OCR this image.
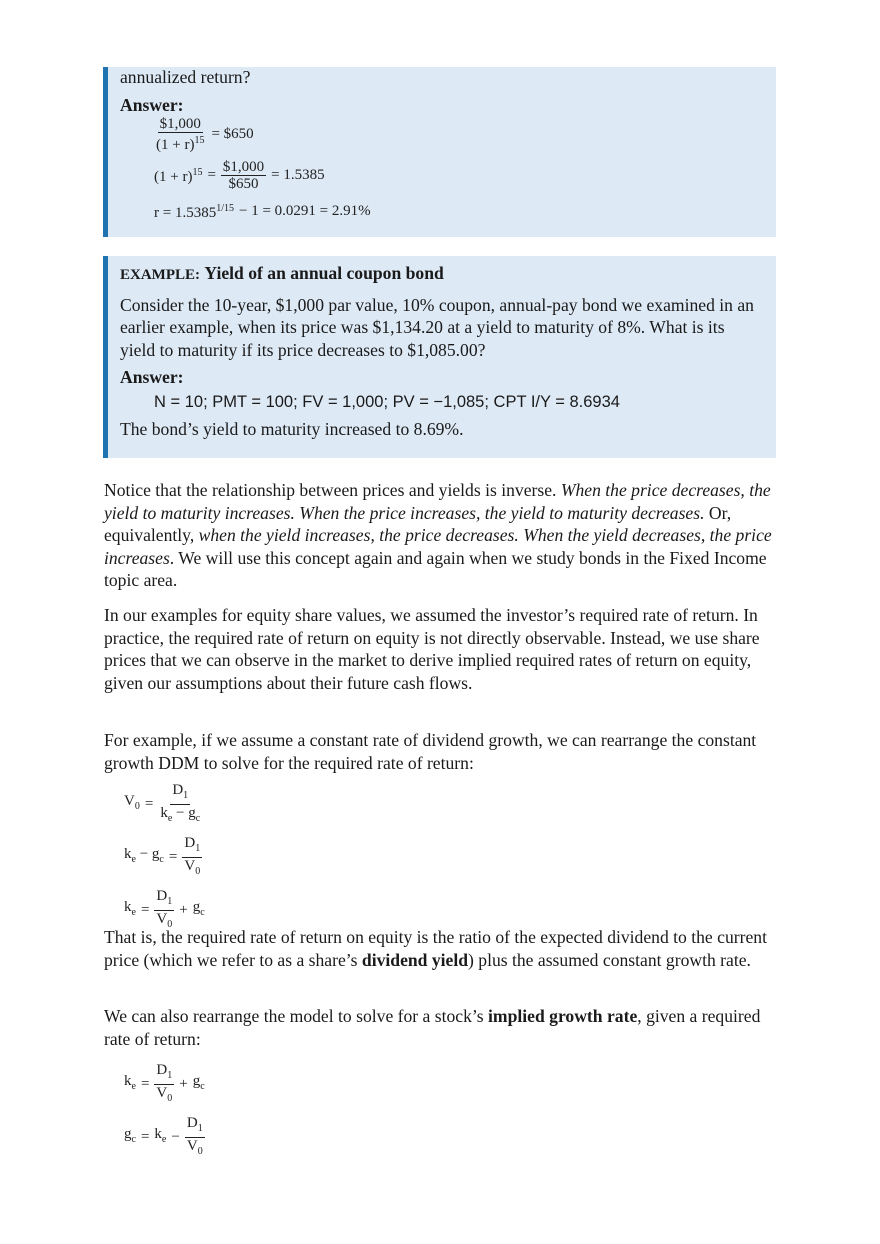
annualized return?
Answer:
$\frac{\$1,000}{(1 + r)^{15}}$ = $650
$(1 + r)^{15} = \frac{\$1,000}{\$650} = 1.5385$
$r = 1.5385^{1/15} - 1 = 0.0291 = 2.91\%$
EXAMPLE: Yield of an annual coupon bond
Consider the 10-year, $1,000 par value, 10% coupon, annual-pay bond we examined in an earlier example, when its price was $1,134.20 at a yield to maturity of 8%. What is its yield to maturity if its price decreases to $1,085.00?
Answer:
N = 10; PMT = 100; FV = 1,000; PV = −1,085; CPT I/Y = 8.6934
The bond’s yield to maturity increased to 8.69%.

Notice that the relationship between prices and yields is inverse. When the price decreases, the yield to maturity increases. When the price increases, the yield to maturity decreases. Or, equivalently, when the yield increases, the price decreases. When the yield decreases, the price increases. We will use this concept again and again when we study bonds in the Fixed Income topic area.

In our examples for equity share values, we assumed the investor’s required rate of return. In practice, the required rate of return on equity is not directly observable. Instead, we use share prices that we can observe in the market to derive implied required rates of return on equity, given our assumptions about their future cash flows.

For example, if we assume a constant rate of dividend growth, we can rearrange the constant growth DDM to solve for the required rate of return:

$V_0 = \frac{D_1}{k_e - g_c}$
$k_e - g_c = \frac{D_1}{V_0}$
$k_e = \frac{D_1}{V_0} + g_c$

That is, the required rate of return on equity is the ratio of the expected dividend to the current price (which we refer to as a share’s dividend yield) plus the assumed constant growth rate.

We can also rearrange the model to solve for a stock’s implied growth rate, given a required rate of return:

$k_e = \frac{D_1}{V_0} + g_c$
$g_c = k_e - \frac{D_1}{V_0}$
